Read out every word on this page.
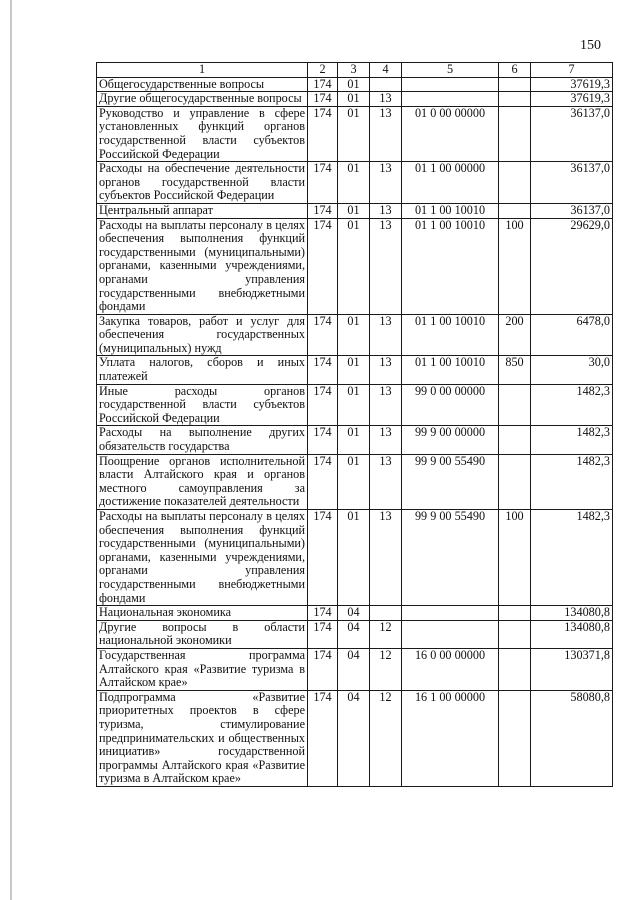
150
1	2	3	4	5	6	7
Общегосударственные вопросы	174	01				37619,3
Другие общегосударственные вопросы	174	01	13			37619,3
Руководство и управление в сфере установленных функций органов государственной власти субъектов Российской Федерации	174	01	13	01 0 00 00000		36137,0
Расходы на обеспечение деятельности органов государственной власти субъектов Российской Федерации	174	01	13	01 1 00 00000		36137,0
Центральный аппарат	174	01	13	01 1 00 10010		36137,0
Расходы на выплаты персоналу в целях обеспечения выполнения функций государственными (муниципальными) органами, казенными учреждениями, органами управления государственными внебюджетными фондами	174	01	13	01 1 00 10010	100	29629,0
Закупка товаров, работ и услуг для обеспечения государственных (муниципальных) нужд	174	01	13	01 1 00 10010	200	6478,0
Уплата налогов, сборов и иных платежей	174	01	13	01 1 00 10010	850	30,0
Иные расходы органов государственной власти субъектов Российской Федерации	174	01	13	99 0 00 00000		1482,3
Расходы на выполнение других обязательств государства	174	01	13	99 9 00 00000		1482,3
Поощрение органов исполнительной власти Алтайского края и органов местного самоуправления за достижение показателей деятельности	174	01	13	99 9 00 55490		1482,3
Расходы на выплаты персоналу в целях обеспечения выполнения функций государственными (муниципальными) органами, казенными учреждениями, органами управления государственными внебюджетными фондами	174	01	13	99 9 00 55490	100	1482,3
Национальная экономика	174	04				134080,8
Другие вопросы в области национальной экономики	174	04	12			134080,8
Государственная программа Алтайского края «Развитие туризма в Алтайском крае»	174	04	12	16 0 00 00000		130371,8
Подпрограмма «Развитие приоритетных проектов в сфере туризма, стимулирование предпринимательских и общественных инициатив» государственной программы Алтайского края «Развитие туризма в Алтайском крае»	174	04	12	16 1 00 00000		58080,8
